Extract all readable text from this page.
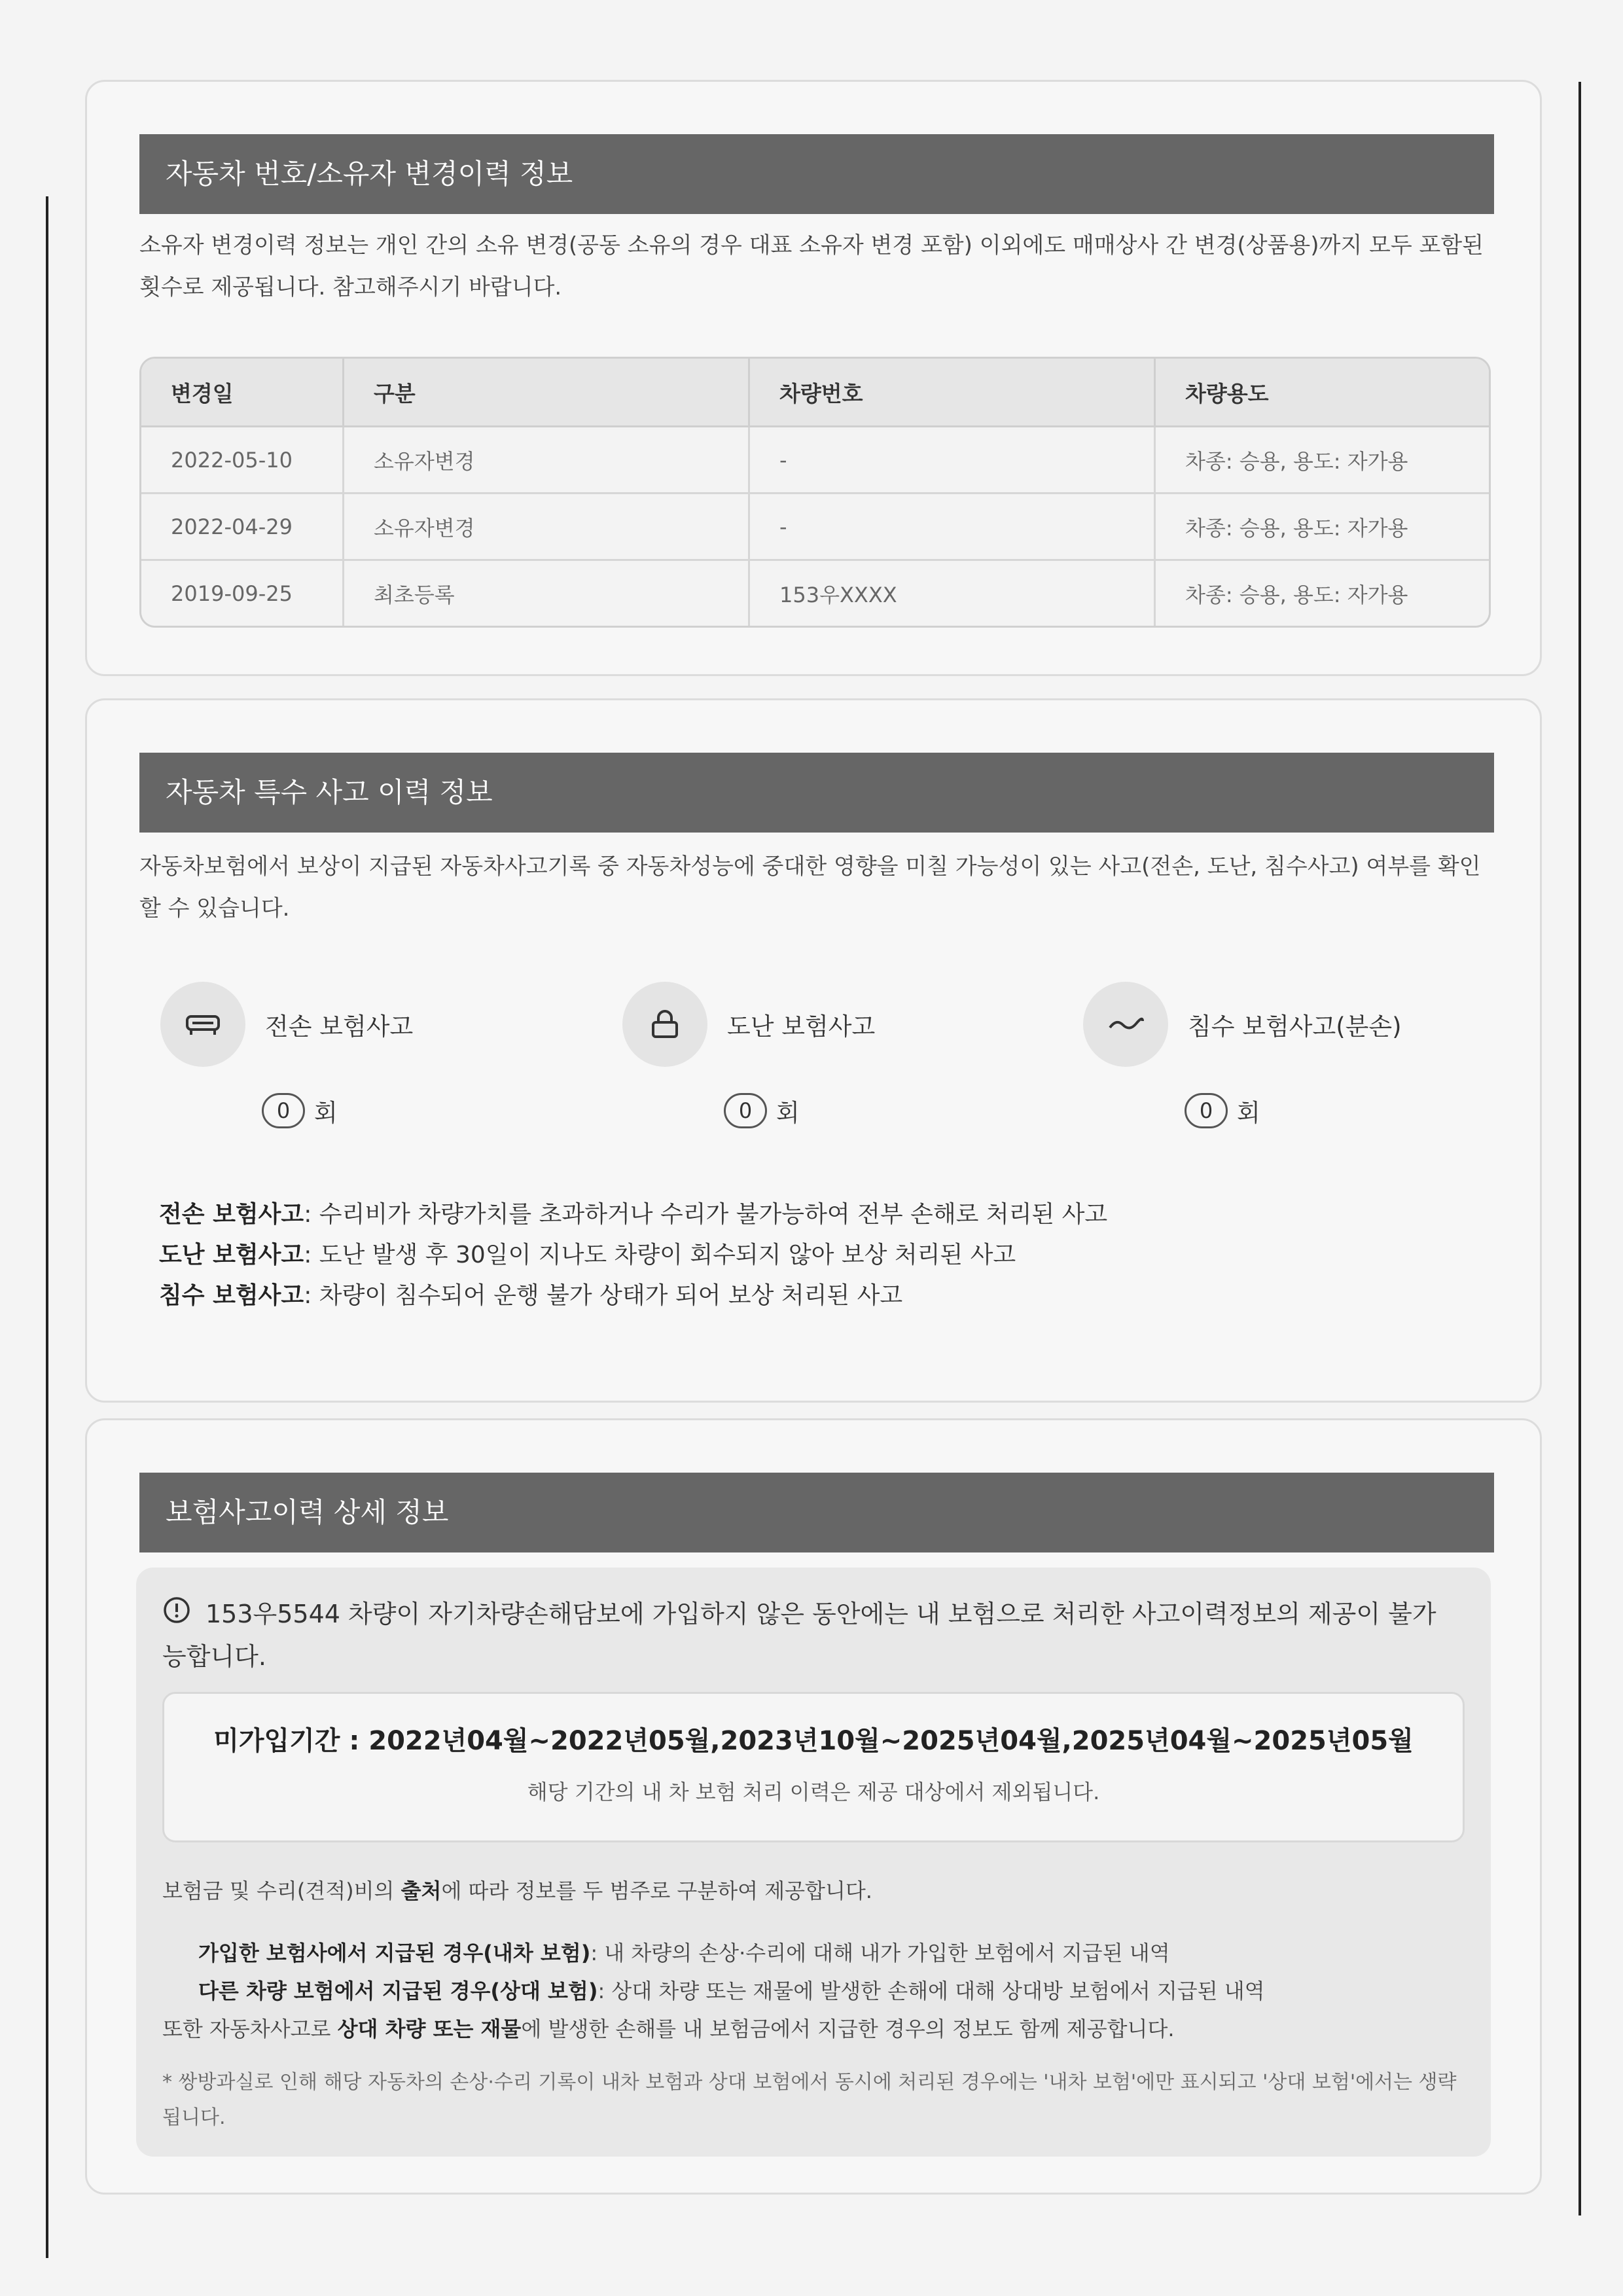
자동차 번호/소유자 변경이력 정보
소유자 변경이력 정보는 개인 간의 소유 변경(공동 소유의 경우 대표 소유자 변경 포함) 이외에도 매매상사 간 변경(상품용)까지 모두 포함된 횟수로 제공됩니다. 참고해주시기 바랍니다.
변경일	구분	차량번호	차량용도
2022-05-10	소유자변경	-	차종: 승용, 용도: 자가용
2022-04-29	소유자변경	-	차종: 승용, 용도: 자가용
2019-09-25	최초등록	153우XXXX	차종: 승용, 용도: 자가용
자동차 특수 사고 이력 정보
자동차보험에서 보상이 지급된 자동차사고기록 중 자동차성능에 중대한 영향을 미칠 가능성이 있는 사고(전손, 도난, 침수사고) 여부를 확인할 수 있습니다.
전손 보험사고
0 회
도난 보험사고
0 회
침수 보험사고(분손)
0 회
전손 보험사고: 수리비가 차량가치를 초과하거나 수리가 불가능하여 전부 손해로 처리된 사고
도난 보험사고: 도난 발생 후 30일이 지나도 차량이 회수되지 않아 보상 처리된 사고
침수 보험사고: 차량이 침수되어 운행 불가 상태가 되어 보상 처리된 사고
보험사고이력 상세 정보
153우5544 차량이 자기차량손해담보에 가입하지 않은 동안에는 내 보험으로 처리한 사고이력정보의 제공이 불가능합니다.
미가입기간 : 2022년04월~2022년05월,2023년10월~2025년04월,2025년04월~2025년05월
해당 기간의 내 차 보험 처리 이력은 제공 대상에서 제외됩니다.
보험금 및 수리(견적)비의 출처에 따라 정보를 두 범주로 구분하여 제공합니다.
가입한 보험사에서 지급된 경우(내차 보험): 내 차량의 손상·수리에 대해 내가 가입한 보험에서 지급된 내역
다른 차량 보험에서 지급된 경우(상대 보험): 상대 차량 또는 재물에 발생한 손해에 대해 상대방 보험에서 지급된 내역
또한 자동차사고로 상대 차량 또는 재물에 발생한 손해를 내 보험금에서 지급한 경우의 정보도 함께 제공합니다.
* 쌍방과실로 인해 해당 자동차의 손상·수리 기록이 내차 보험과 상대 보험에서 동시에 처리된 경우에는 '내차 보험'에만 표시되고 '상대 보험'에서는 생략됩니다.
